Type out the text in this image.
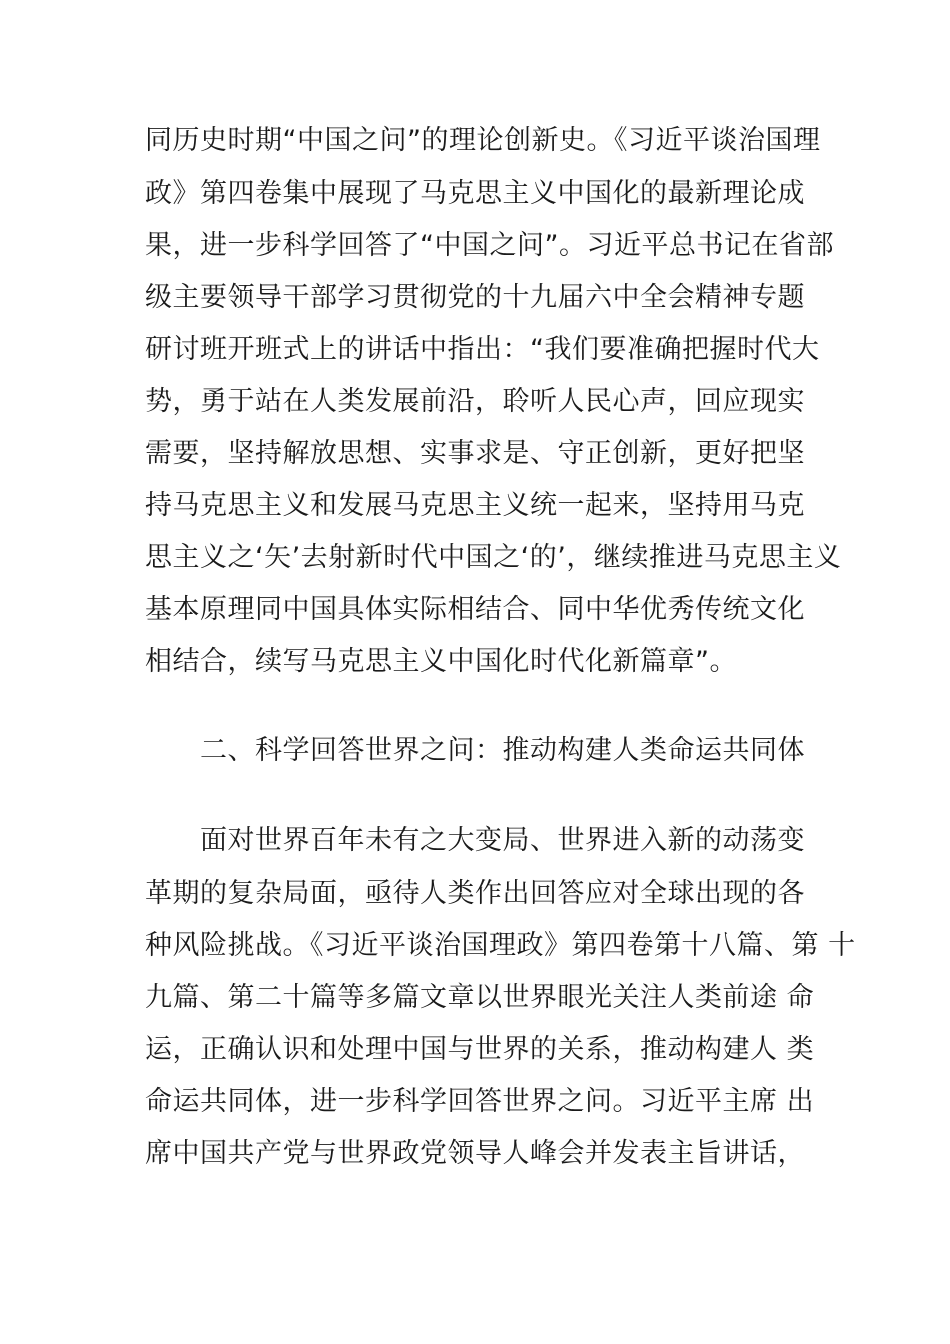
同历史时期“中国之问”的理论创新史。《习近平谈治国理
政》第四卷集中展现了马克思主义中国化的最新理论成
果，进一步科学回答了“中国之问”。习近平总书记在省部
级主要领导干部学习贯彻党的十九届六中全会精神专题
研讨班开班式上的讲话中指出：“我们要准确把握时代大
势，勇于站在人类发展前沿，聆听人民心声，回应现实
需要，坚持解放思想、实事求是、守正创新，更好把坚
持马克思主义和发展马克思主义统一起来，坚持用马克
思主义之‘矢’去射新时代中国之‘的’，继续推进马克思主义
基本原理同中国具体实际相结合、同中华优秀传统文化
相结合，续写马克思主义中国化时代化新篇章”。
二、科学回答世界之问：推动构建人类命运共同体
面对世界百年未有之大变局、世界进入新的动荡变
革期的复杂局面，亟待人类作出回答应对全球出现的各
种风险挑战。《习近平谈治国理政》第四卷第十八篇、第 十
九篇、第二十篇等多篇文章以世界眼光关注人类前途 命
运，正确认识和处理中国与世界的关系，推动构建人 类
命运共同体，进一步科学回答世界之问。习近平主席 出
席中国共产党与世界政党领导人峰会并发表主旨讲话，
